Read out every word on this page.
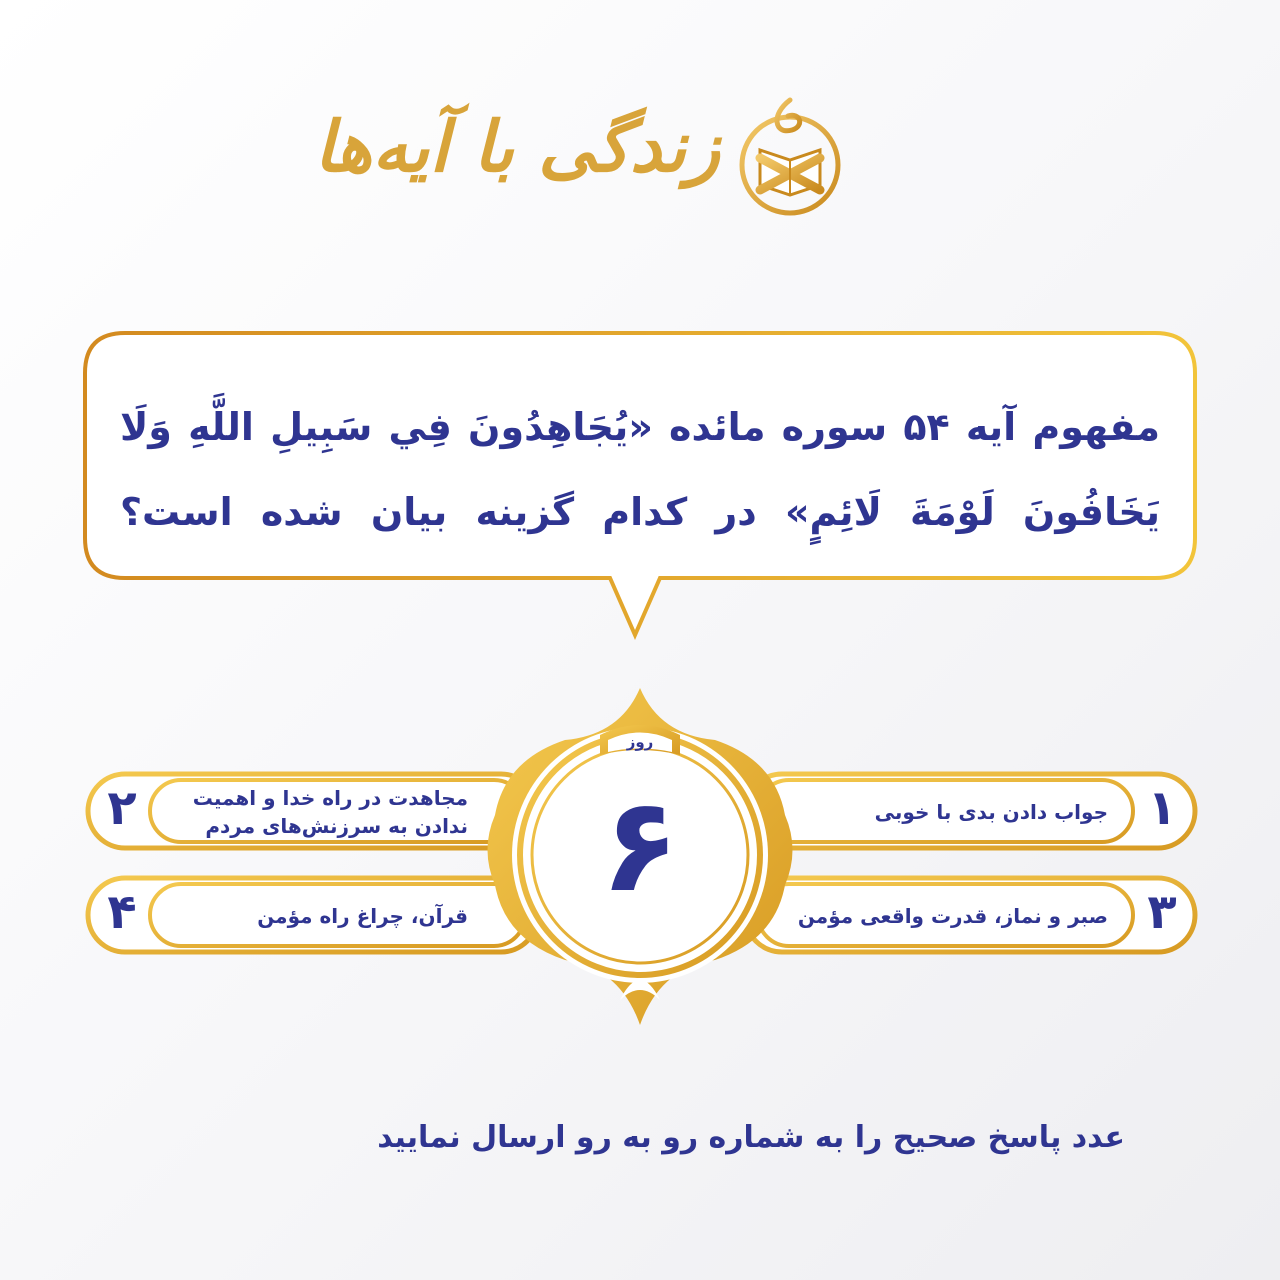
زندگی با آیه‌ها
مفهوم آیه ۵۴ سوره مائده «يُجَاهِدُونَ فِي سَبِيلِ اللَّهِ وَلَا يَخَافُونَ لَوْمَةَ لَائِمٍ» در کدام گزینه بیان شده است؟
روز
۶	۱
جواب دادن بدی با خوبی
۲	مجاهدت در راه خدا و اهمیت
ندادن به سرزنش‌های مردم
۳
صبر و نماز، قدرت واقعی مؤمن
۴	قرآن، چراغ راه مؤمن
عدد پاسخ صحیح را به شماره رو به رو ارسال نمایید
